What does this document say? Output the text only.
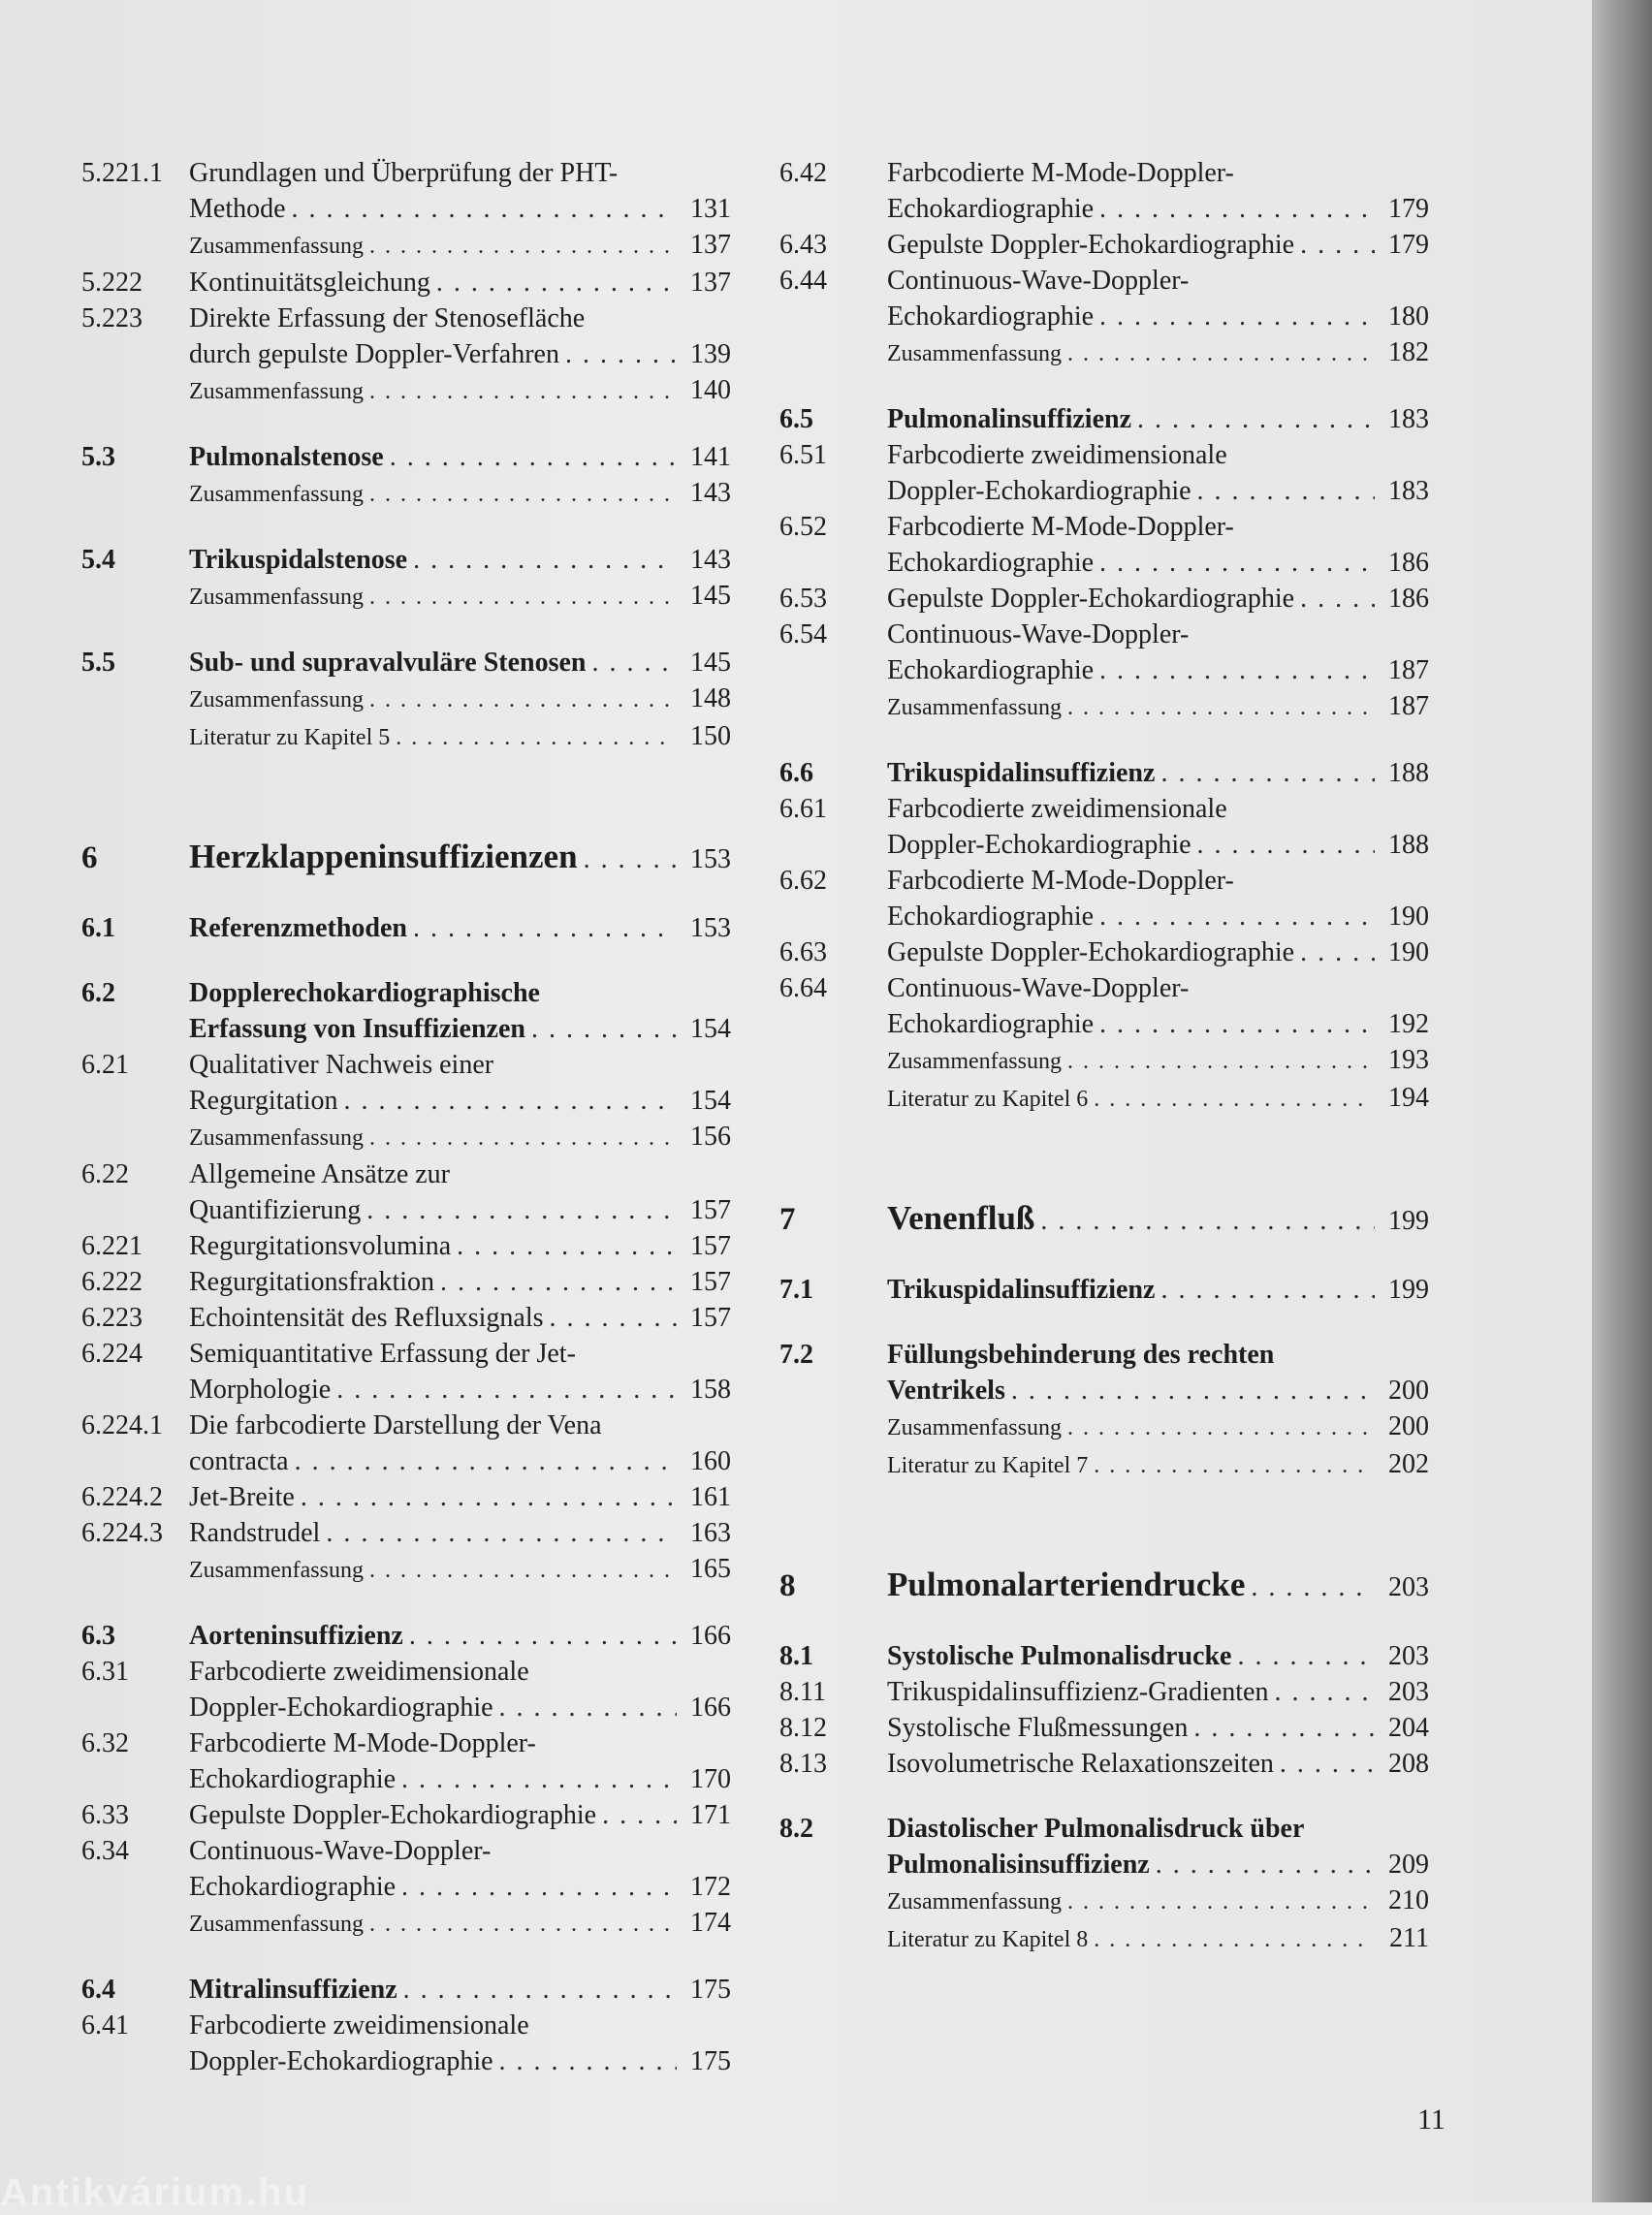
5.221.1 Grundlagen und Überprüfung der PHT-
Methode . . .	131
Zusammenfassung . . .	137
5.222	Kontinuitätsgleichung . . .	137
5.223	Direkte Erfassung der Stenosefläche
durch gepulste Doppler-Verfahren . . .	139
Zusammenfassung . . .	140
5.3	Pulmonalstenose . . .	141
Zusammenfassung . . .	143
5.4	Trikuspidalstenose . . .	143
Zusammenfassung . . .	145
5.5	Sub- und supravalvuläre Stenosen . . .	145
Zusammenfassung . . .	148
Literatur zu Kapitel 5 . . .	150
6	Herzklappeninsuffizienzen . . .	153
6.1	Referenzmethoden . . .	153
6.2	Dopplerechokardiographische
Erfassung von Insuffizienzen . . .	154
6.21	Qualitativer Nachweis einer
Regurgitation . . .	154
Zusammenfassung . . .	156
6.22	Allgemeine Ansätze zur
Quantifizierung . . .	157
6.221	Regurgitationsvolumina . . .	157
6.222	Regurgitationsfraktion . . .	157
6.223	Echointensität des Refluxsignals . . .	157
6.224	Semiquantitative Erfassung der Jet-
Morphologie . . .	158
6.224.1 Die farbcodierte Darstellung der Vena
contracta . . .	160
6.224.2 Jet-Breite . . .	161
6.224.3 Randstrudel . . .	163
Zusammenfassung . . .	165
6.3	Aorteninsuffizienz . . .	166
6.31	Farbcodierte zweidimensionale
Doppler-Echokardiographie . . .	166
6.32	Farbcodierte M-Mode-Doppler-
Echokardiographie . . .	170
6.33	Gepulste Doppler-Echokardiographie . . .	171
6.34	Continuous-Wave-Doppler-
Echokardiographie . . .	172
Zusammenfassung . . .	174
6.4	Mitralinsuffizienz . . .	175
6.41	Farbcodierte zweidimensionale
Doppler-Echokardiographie . . .	175
6.42	Farbcodierte M-Mode-Doppler-
Echokardiographie . . .	179
6.43	Gepulste Doppler-Echokardiographie . . .	179
6.44	Continuous-Wave-Doppler-
Echokardiographie . . .	180
Zusammenfassung . . .	182
6.5	Pulmonalinsuffizienz . . .	183
6.51	Farbcodierte zweidimensionale
Doppler-Echokardiographie . . .	183
6.52	Farbcodierte M-Mode-Doppler-
Echokardiographie . . .	186
6.53	Gepulste Doppler-Echokardiographie . . .	186
6.54	Continuous-Wave-Doppler-
Echokardiographie . . .	187
Zusammenfassung . . .	187
6.6	Trikuspidalinsuffizienz . . .	188
6.61	Farbcodierte zweidimensionale
Doppler-Echokardiographie . . .	188
6.62	Farbcodierte M-Mode-Doppler-
Echokardiographie . . .	190
6.63	Gepulste Doppler-Echokardiographie . . .	190
6.64	Continuous-Wave-Doppler-
Echokardiographie . . .	192
Zusammenfassung . . .	193
Literatur zu Kapitel 6 . . .	194
7	Venenfluß . . .	199
7.1	Trikuspidalinsuffizienz . . .	199
7.2	Füllungsbehinderung des rechten
Ventrikels . . .	200
Zusammenfassung . . .	200
Literatur zu Kapitel 7 . . .	202
8	Pulmonalarteriendrucke . . .	203
8.1	Systolische Pulmonalisdrucke . . .	203
8.11	Trikuspidalinsuffizienz-Gradienten . . .	203
8.12	Systolische Flußmessungen . . .	204
8.13	Isovolumetrische Relaxationszeiten . . .	208
8.2	Diastolischer Pulmonalisdruck über
Pulmonalisinsuffizienz . . .	209
Zusammenfassung . . .	210
Literatur zu Kapitel 8 . . .	211
11
Antikvárium.hu
